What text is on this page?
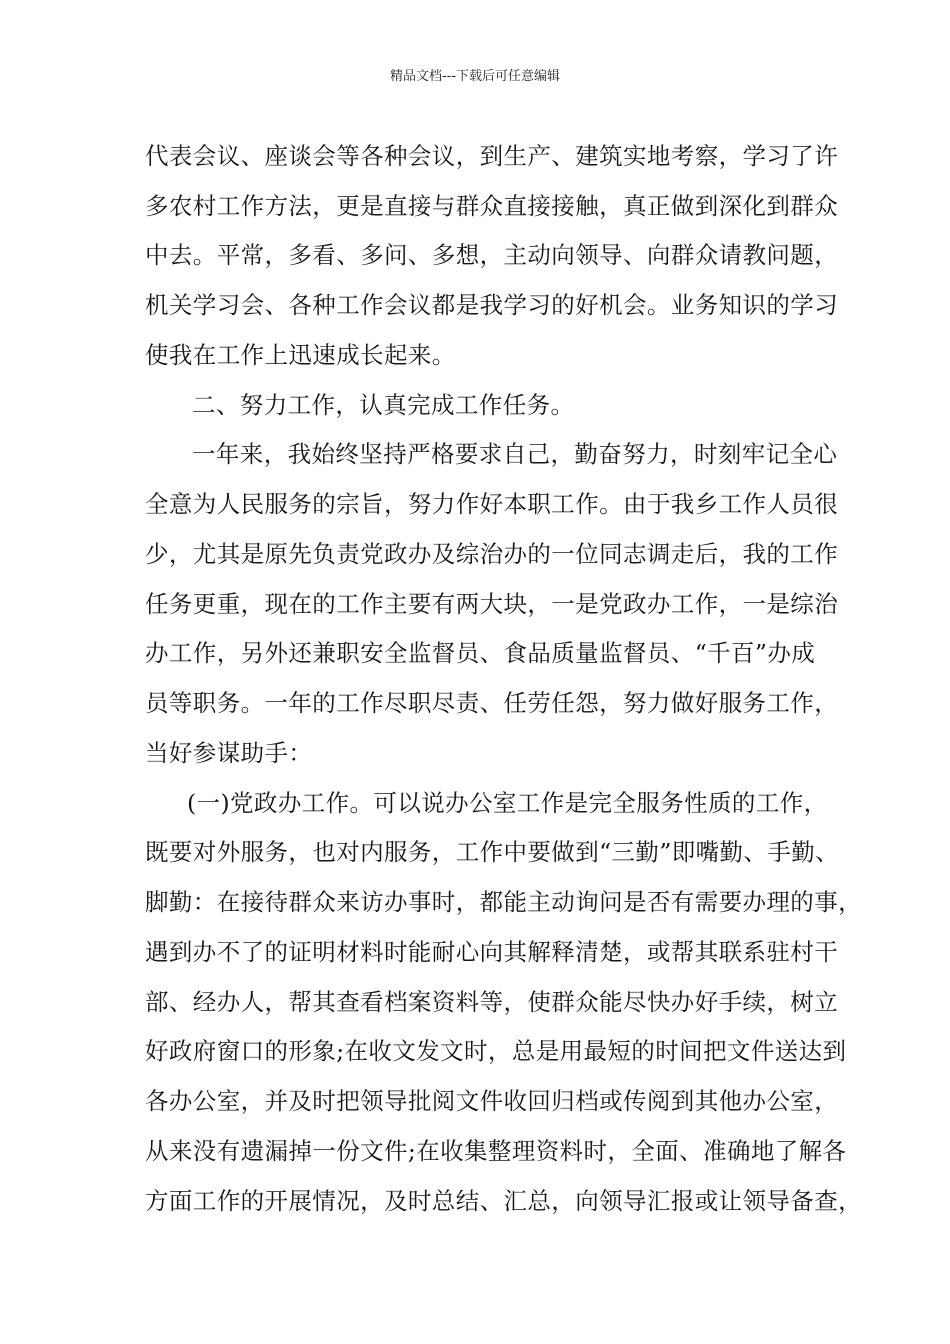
精品文档---下载后可任意编辑
代表会议、座谈会等各种会议，到生产、建筑实地考察，学习了许
多农村工作方法，更是直接与群众直接接触，真正做到深化到群众
中去。平常，多看、多问、多想，主动向领导、向群众请教问题，
机关学习会、各种工作会议都是我学习的好机会。业务知识的学习
使我在工作上迅速成长起来。
二、努力工作，认真完成工作任务。
一年来，我始终坚持严格要求自己，勤奋努力，时刻牢记全心
全意为人民服务的宗旨，努力作好本职工作。由于我乡工作人员很
少，尤其是原先负责党政办及综治办的一位同志调走后，我的工作
任务更重，现在的工作主要有两大块，一是党政办工作，一是综治
办工作，另外还兼职安全监督员、食品质量监督员、“千百”办成
员等职务。一年的工作尽职尽责、任劳任怨，努力做好服务工作，
当好参谋助手：
(一)党政办工作。可以说办公室工作是完全服务性质的工作，
既要对外服务，也对内服务，工作中要做到“三勤”即嘴勤、手勤、
脚勤：在接待群众来访办事时，都能主动询问是否有需要办理的事，
遇到办不了的证明材料时能耐心向其解释清楚，或帮其联系驻村干
部、经办人，帮其查看档案资料等，使群众能尽快办好手续，树立
好政府窗口的形象;在收文发文时，总是用最短的时间把文件送达到
各办公室，并及时把领导批阅文件收回归档或传阅到其他办公室，
从来没有遗漏掉一份文件;在收集整理资料时，全面、准确地了解各
方面工作的开展情况，及时总结、汇总，向领导汇报或让领导备查，
